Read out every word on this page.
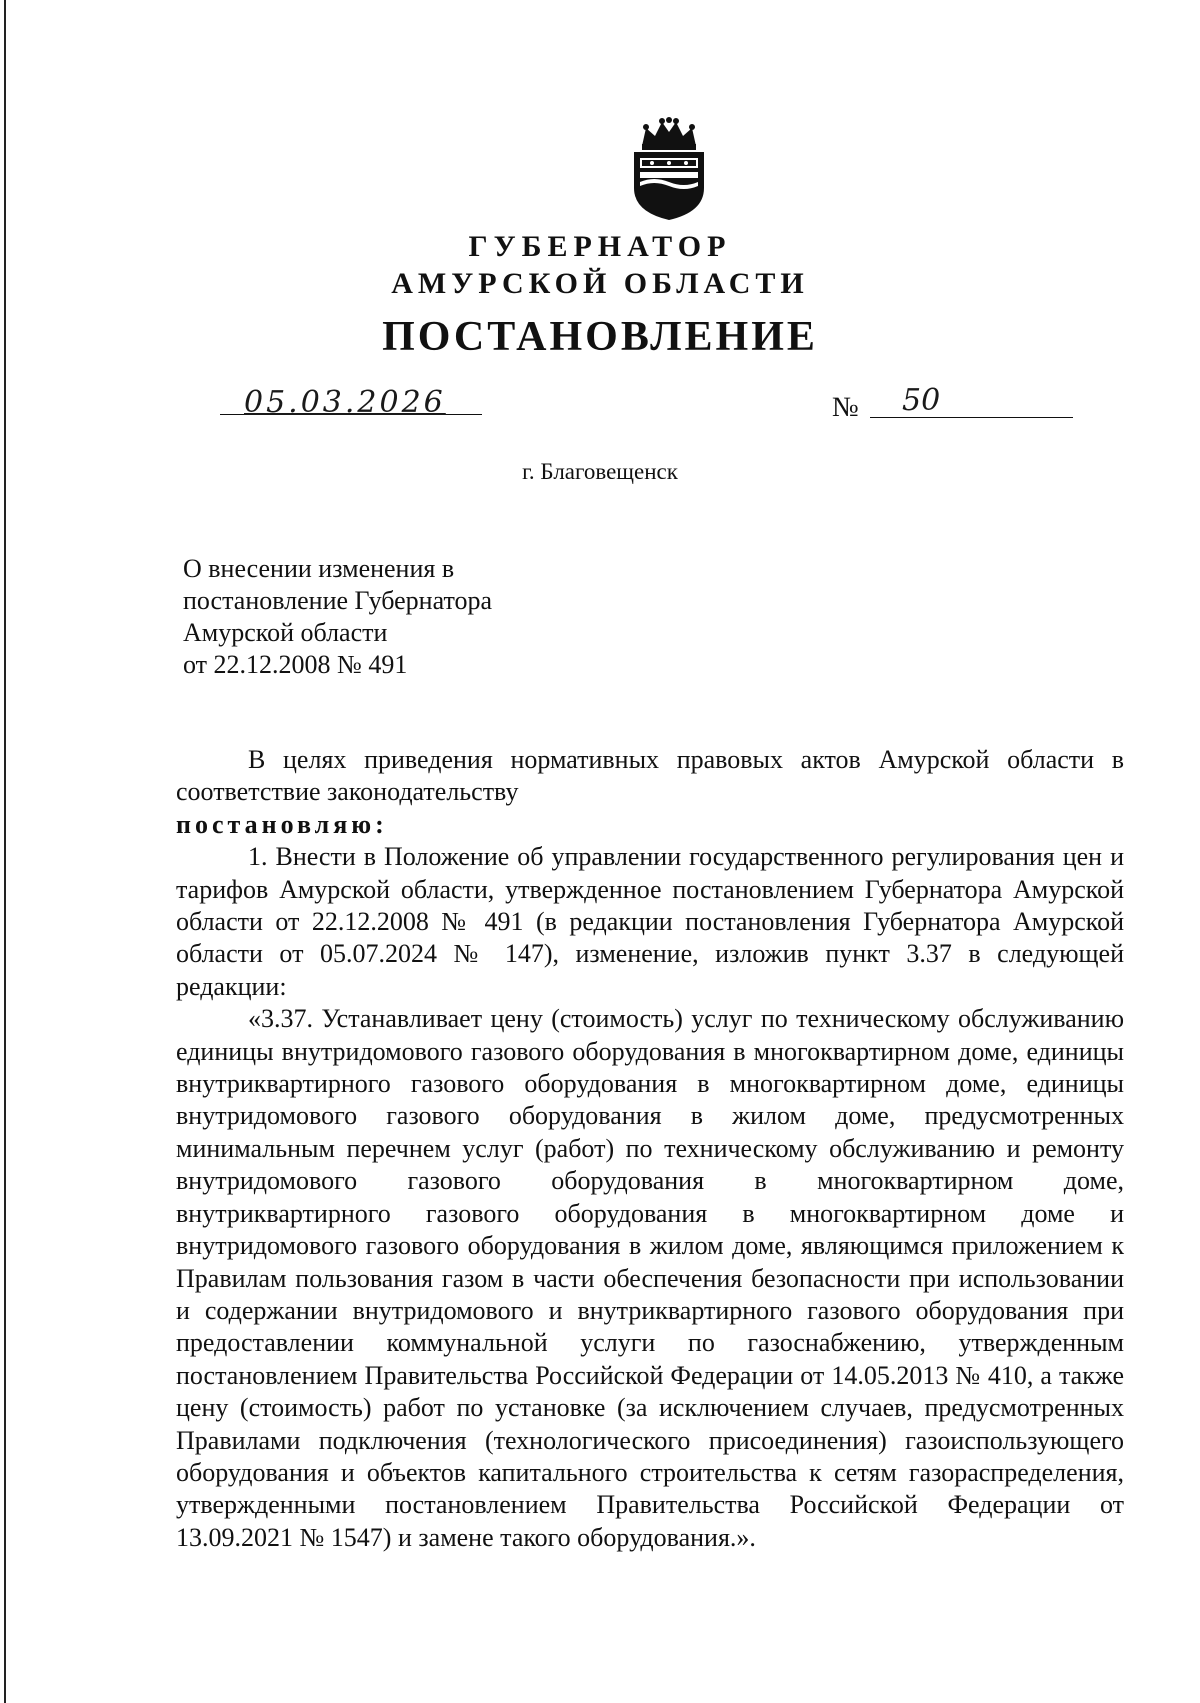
ГУБЕРНАТОР
АМУРСКОЙ ОБЛАСТИ
ПОСТАНОВЛЕНИЕ
05.03.2026	№ 50
г. Благовещенск
О внесении изменения в
постановление Губернатора
Амурской области
от 22.12.2008 № 491

В целях приведения нормативных правовых актов Амурской области в соответствие законодательству

постановляю:

1. Внести в Положение об управлении государственного регулирования цен и тарифов Амурской области, утвержденное постановлением Губернатора Амурской области от 22.12.2008 № 491 (в редакции постановления Губернатора Амурской области от 05.07.2024 № 147), изменение, изложив пункт 3.37 в следующей редакции:

«3.37. Устанавливает цену (стоимость) услуг по техническому обслуживанию единицы внутридомового газового оборудования в многоквартирном доме, единицы внутриквартирного газового оборудования в многоквартирном доме, единицы внутридомового газового оборудования в жилом доме, предусмотренных минимальным перечнем услуг (работ) по техническому обслуживанию и ремонту внутридомового газового оборудования в многоквартирном доме, внутриквартирного газового оборудования в многоквартирном доме и внутридомового газового оборудования в жилом доме, являющимся приложением к Правилам пользования газом в части обеспечения безопасности при использовании и содержании внутридомового и внутриквартирного газового оборудования при предоставлении коммунальной услуги по газоснабжению, утвержденным постановлением Правительства Российской Федерации от 14.05.2013 № 410, а также цену (стоимость) работ по установке (за исключением случаев, предусмотренных Правилами подключения (технологического присоединения) газоиспользующего оборудования и объектов капитального строительства к сетям газораспределения, утвержденными постановлением Правительства Российской Федерации от 13.09.2021 № 1547) и замене такого оборудования.».
